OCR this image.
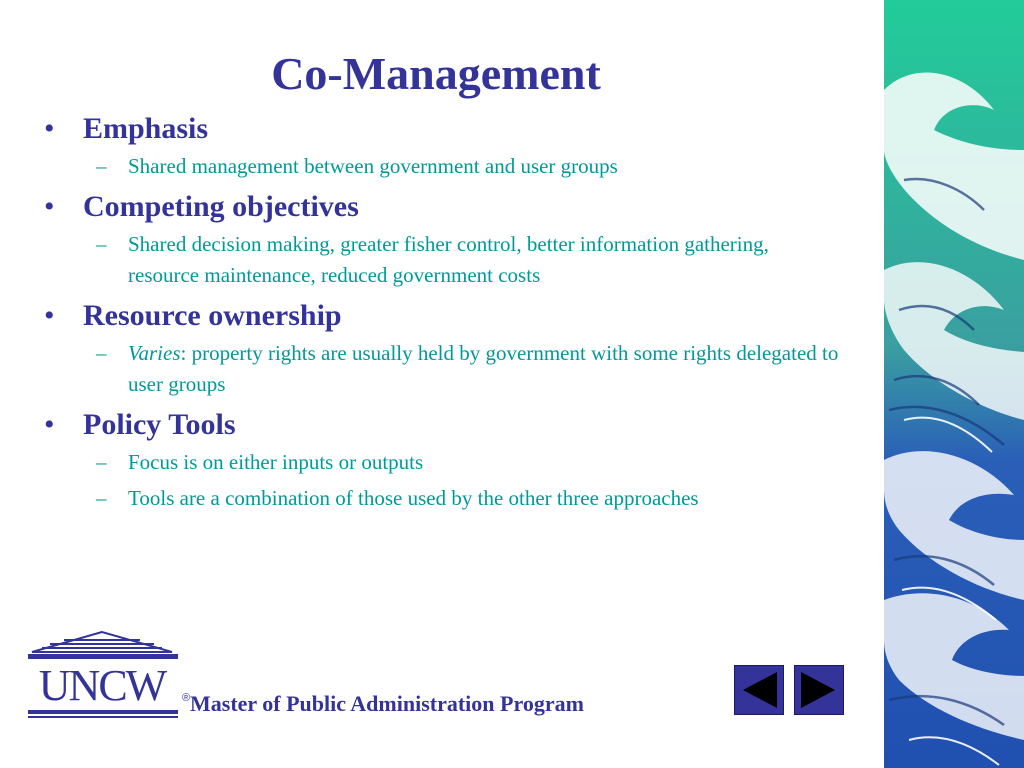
Co-Management
• Emphasis
– Shared management between government and user groups
• Competing objectives
– Shared decision making, greater fisher control, better information gathering, resource maintenance, reduced government costs
• Resource ownership
– Varies: property rights are usually held by government with some rights delegated to user groups
• Policy Tools
– Focus is on either inputs or outputs
– Tools are a combination of those used by the other three approaches
UNCW	® Master of Public Administration Program
